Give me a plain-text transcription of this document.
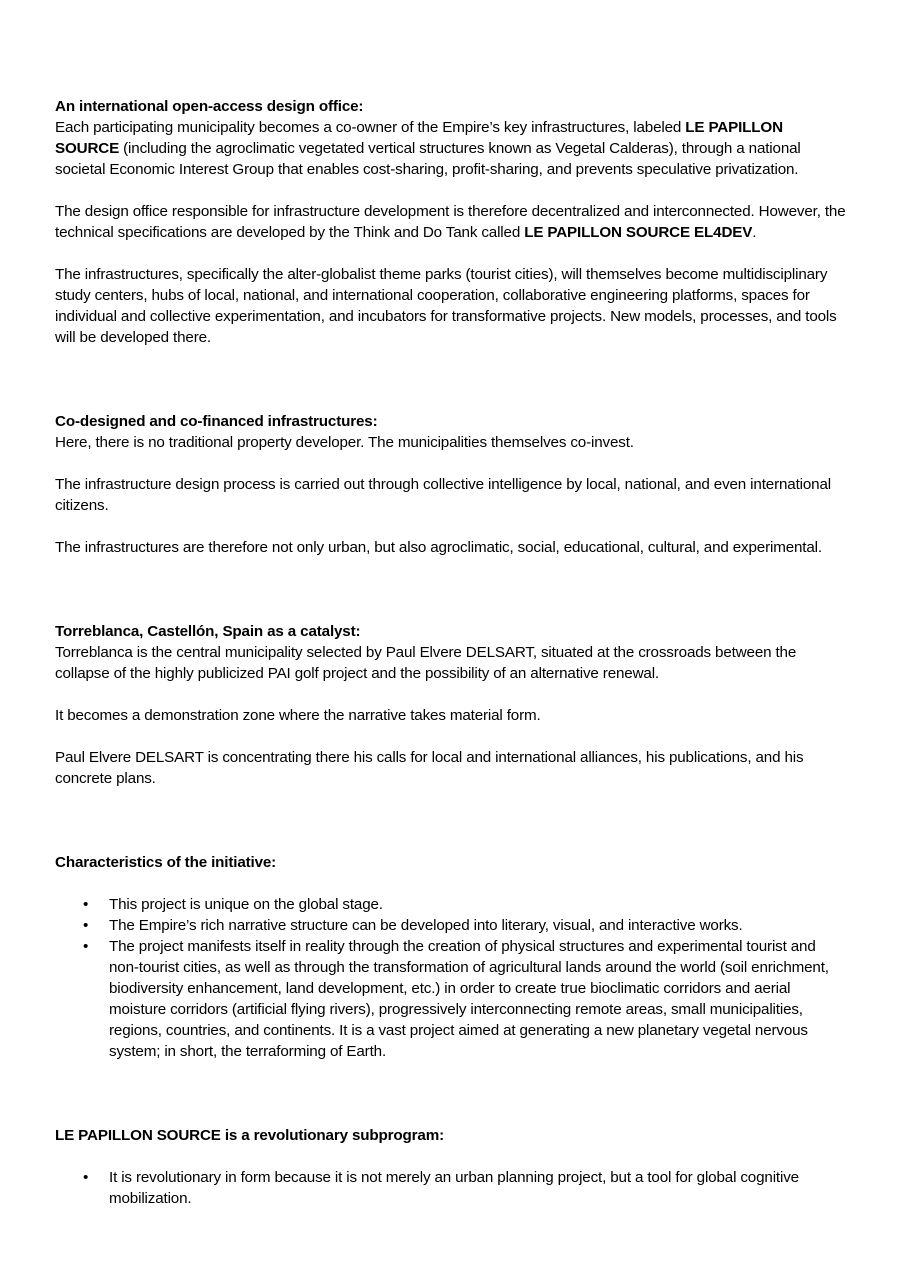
An international open-access design office:

Each participating municipality becomes a co-owner of the Empire’s key infrastructures, labeled LE PAPILLON SOURCE (including the agroclimatic vegetated vertical structures known as Vegetal Calderas), through a national societal Economic Interest Group that enables cost-sharing, profit-sharing, and prevents speculative privatization.

The design office responsible for infrastructure development is therefore decentralized and interconnected. However, the technical specifications are developed by the Think and Do Tank called LE PAPILLON SOURCE EL4DEV.

The infrastructures, specifically the alter-globalist theme parks (tourist cities), will themselves become multidisciplinary study centers, hubs of local, national, and international cooperation, collaborative engineering platforms, spaces for individual and collective experimentation, and incubators for transformative projects. New models, processes, and tools will be developed there.

Co-designed and co-financed infrastructures:

Here, there is no traditional property developer. The municipalities themselves co-invest.

The infrastructure design process is carried out through collective intelligence by local, national, and even international citizens.

The infrastructures are therefore not only urban, but also agroclimatic, social, educational, cultural, and experimental.

Torreblanca, Castellón, Spain as a catalyst:

Torreblanca is the central municipality selected by Paul Elvere DELSART, situated at the crossroads between the collapse of the highly publicized PAI golf project and the possibility of an alternative renewal.

It becomes a demonstration zone where the narrative takes material form.

Paul Elvere DELSART is concentrating there his calls for local and international alliances, his publications, and his concrete plans.

Characteristics of the initiative:

• This project is unique on the global stage.
• The Empire’s rich narrative structure can be developed into literary, visual, and interactive works.
• The project manifests itself in reality through the creation of physical structures and experimental tourist and non-tourist cities, as well as through the transformation of agricultural lands around the world (soil enrichment, biodiversity enhancement, land development, etc.) in order to create true bioclimatic corridors and aerial moisture corridors (artificial flying rivers), progressively interconnecting remote areas, small municipalities, regions, countries, and continents. It is a vast project aimed at generating a new planetary vegetal nervous system; in short, the terraforming of Earth.

LE PAPILLON SOURCE is a revolutionary subprogram:

• It is revolutionary in form because it is not merely an urban planning project, but a tool for global cognitive mobilization.
